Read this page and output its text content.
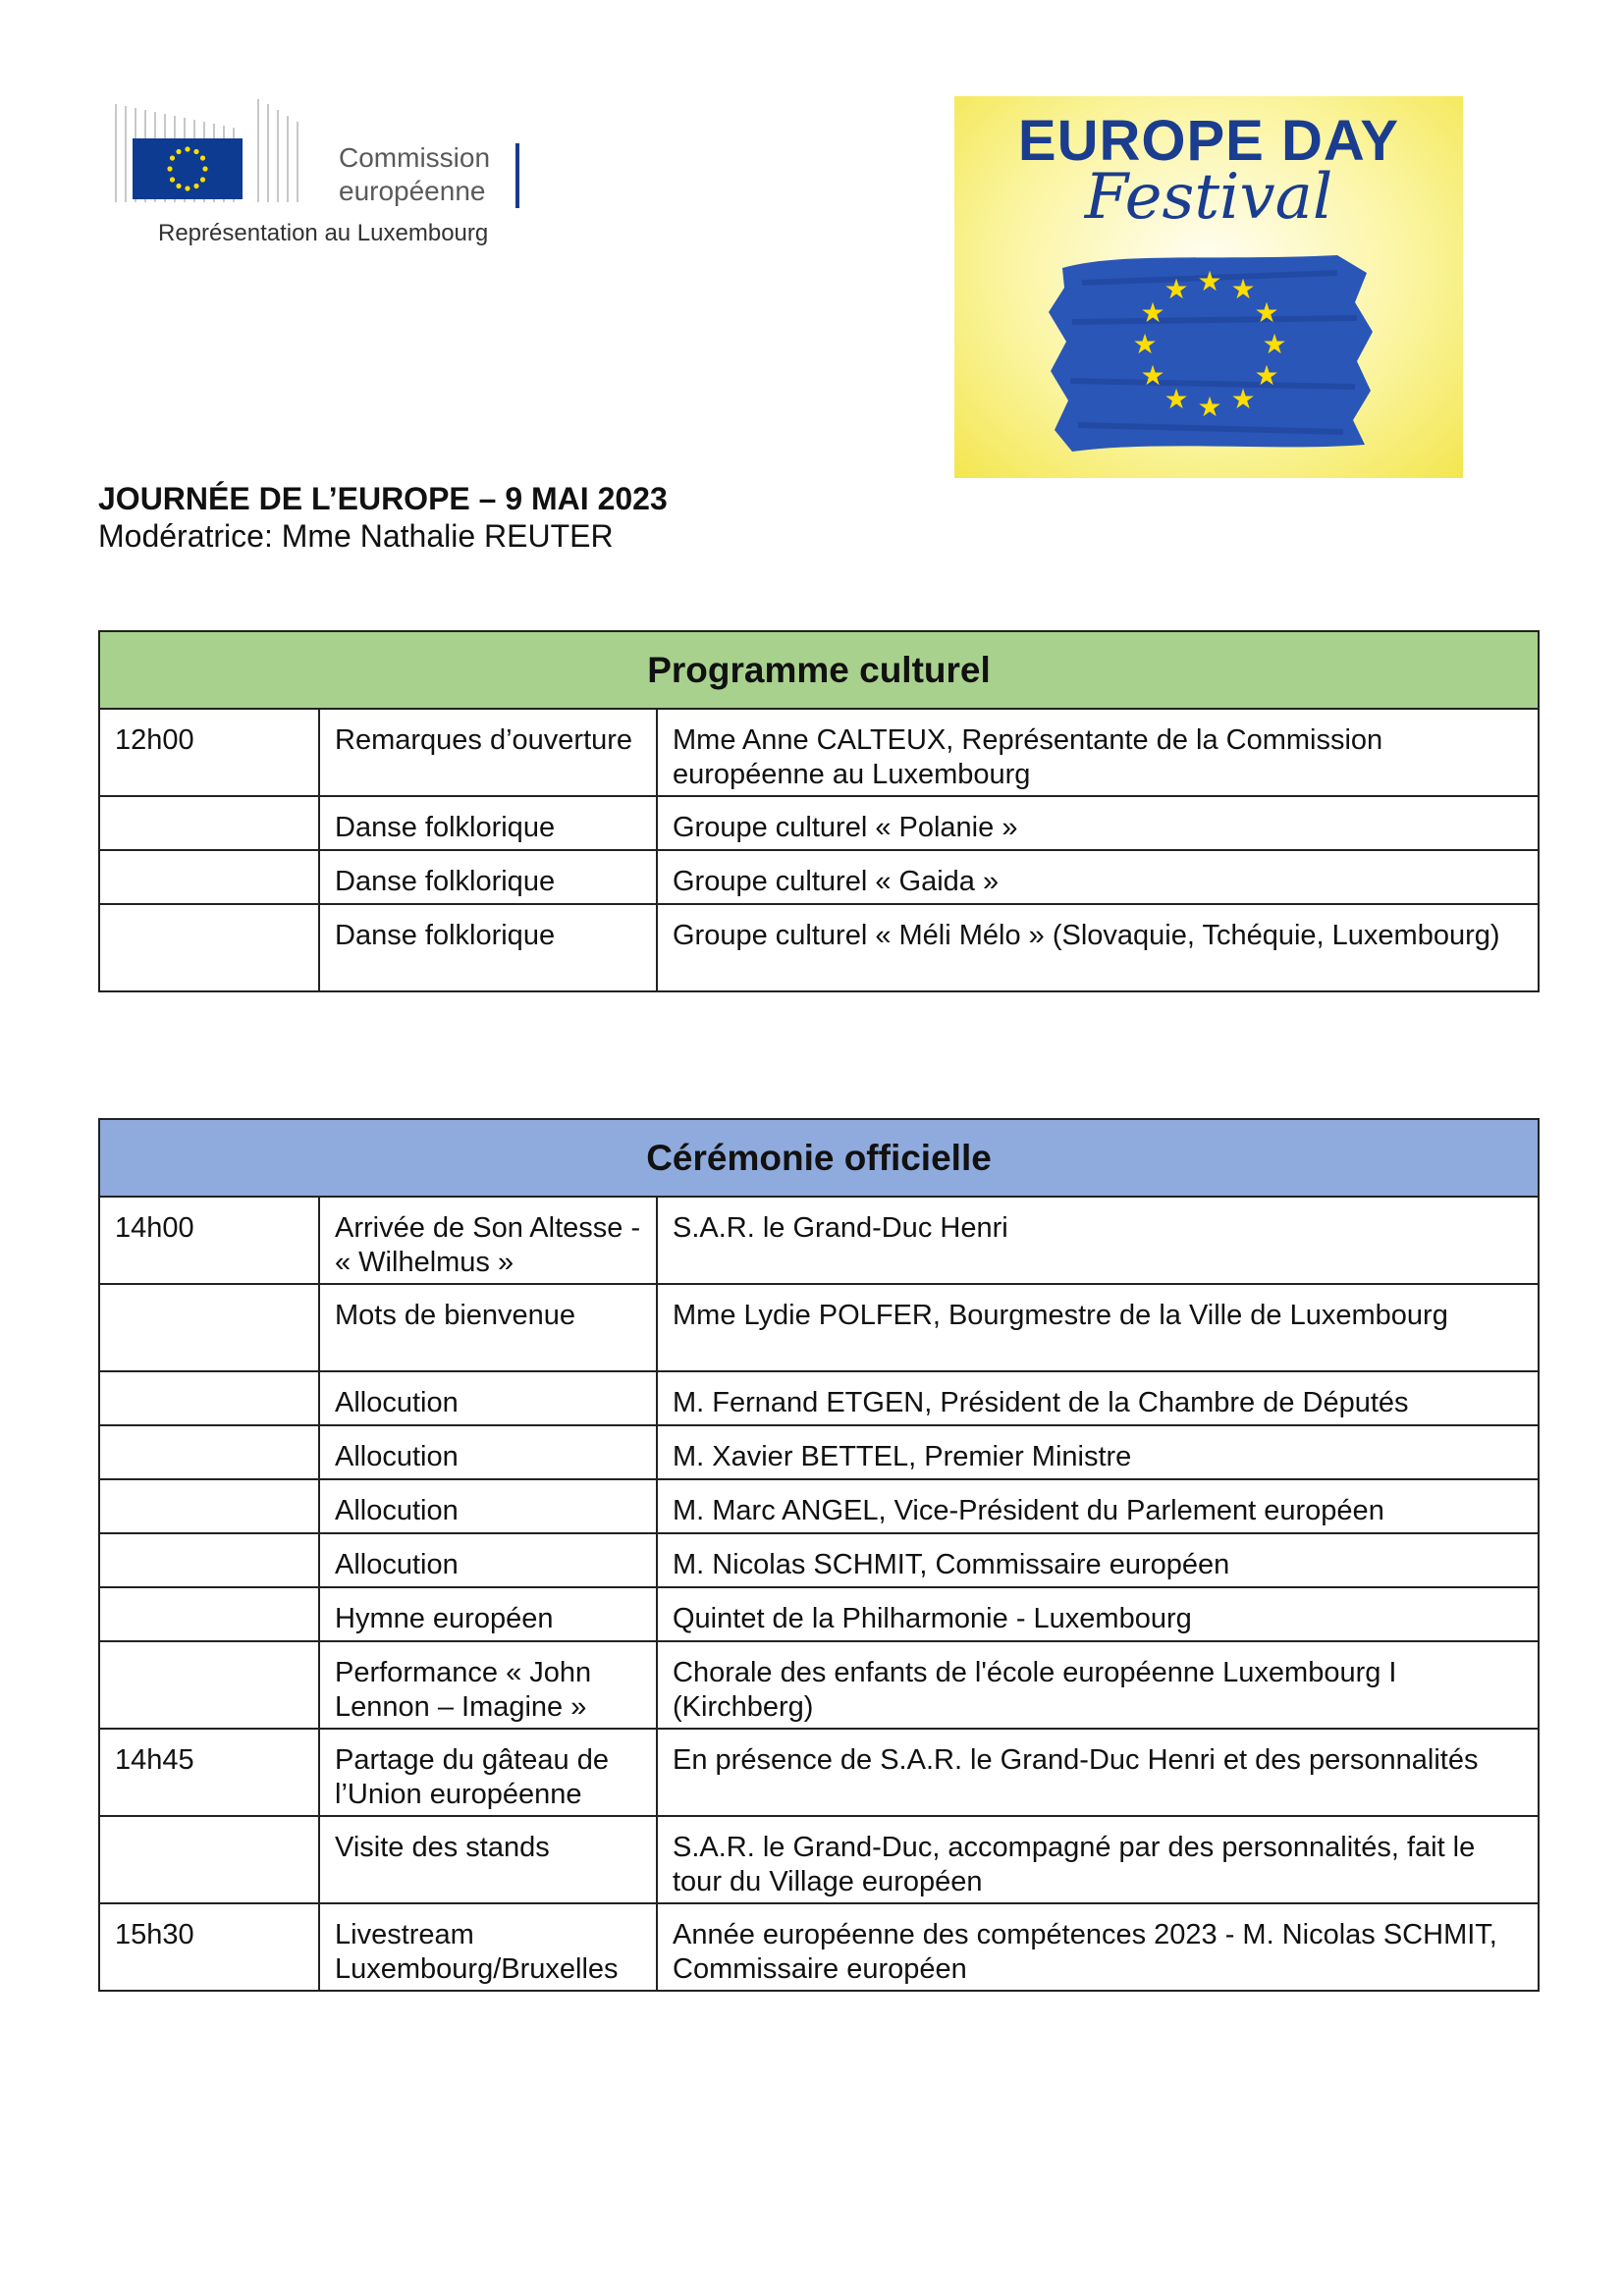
Commission
européenne
Représentation au Luxembourg
EUROPE DAY
Festival
★ ★
★
★
★
★
★
★
★
★
★
★
JOURNÉE DE L’EUROPE – 9 MAI 2023
Modératrice: Mme Nathalie REUTER
Programme culturel		
12h00	Remarques d’ouverture	Mme Anne CALTEUX, Représentante de la Commission européenne au Luxembourg
	Danse folklorique	Groupe culturel « Polanie »
	Danse folklorique	Groupe culturel « Gaida »
	Danse folklorique	Groupe culturel « Méli Mélo » (Slovaquie, Tchéquie, Luxembourg)
Cérémonie officielle		
14h00	Arrivée de Son Altesse - « Wilhelmus »	S.A.R. le Grand-Duc Henri
	Mots de bienvenue	Mme Lydie POLFER, Bourgmestre de la Ville de Luxembourg
	Allocution	M. Fernand ETGEN, Président de la Chambre de Députés
	Allocution	M. Xavier BETTEL, Premier Ministre
	Allocution	M. Marc ANGEL, Vice-Président du Parlement européen
	Allocution	M. Nicolas SCHMIT, Commissaire européen
	Hymne européen	Quintet de la Philharmonie - Luxembourg
	Performance « John Lennon – Imagine »	Chorale des enfants de l'école européenne Luxembourg I (Kirchberg)
14h45	Partage du gâteau de l’Union européenne	En présence de S.A.R. le Grand-Duc Henri et des personnalités
	Visite des stands	S.A.R. le Grand-Duc, accompagné par des personnalités, fait le tour du Village européen
15h30	Livestream Luxembourg/Bruxelles	Année européenne des compétences 2023 - M. Nicolas SCHMIT, Commissaire européen
